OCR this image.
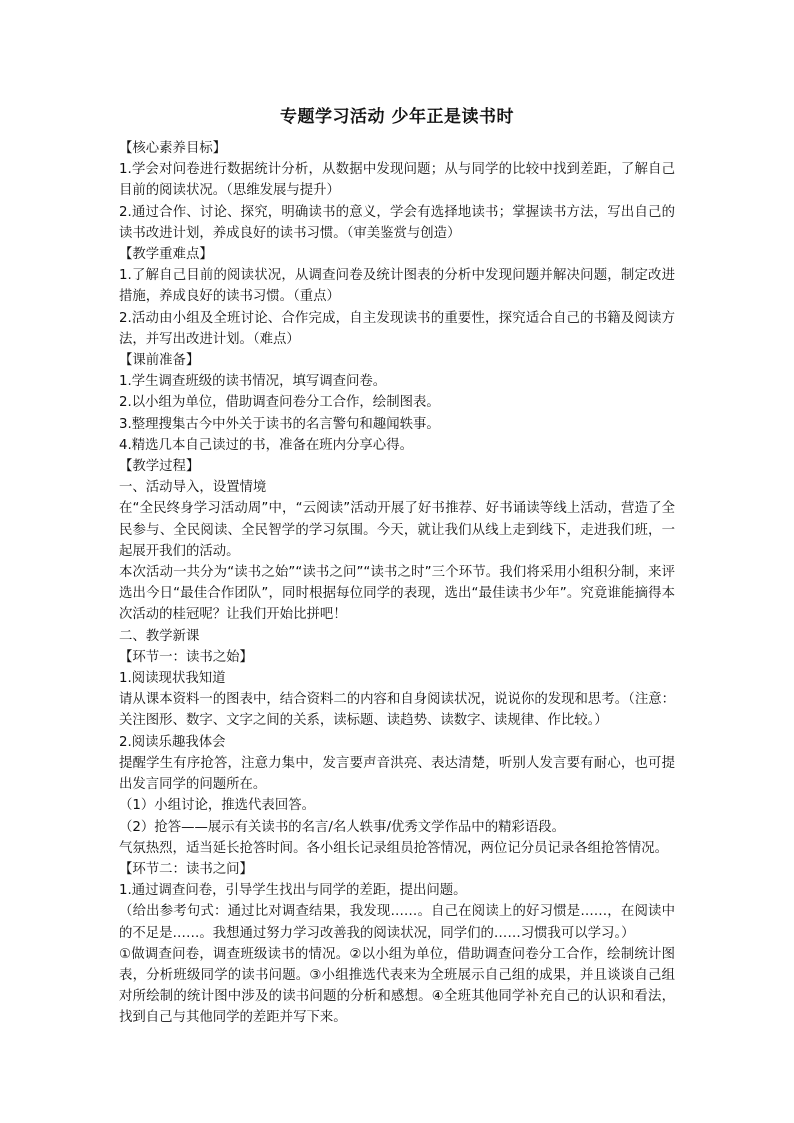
专题学习活动 少年正是读书时

【核心素养目标】

1.学会对问卷进行数据统计分析，从数据中发现问题；从与同学的比较中找到差距，了解自己目前的阅读状况。（思维发展与提升）

2.通过合作、讨论、探究，明确读书的意义，学会有选择地读书；掌握读书方法，写出自己的读书改进计划，养成良好的读书习惯。（审美鉴赏与创造）

【教学重难点】

1.了解自己目前的阅读状况，从调查问卷及统计图表的分析中发现问题并解决问题，制定改进措施，养成良好的读书习惯。（重点）

2.活动由小组及全班讨论、合作完成，自主发现读书的重要性，探究适合自己的书籍及阅读方法，并写出改进计划。（难点）

【课前准备】

1.学生调查班级的读书情况，填写调查问卷。

2.以小组为单位，借助调查问卷分工合作，绘制图表。

3.整理搜集古今中外关于读书的名言警句和趣闻轶事。

4.精选几本自己读过的书，准备在班内分享心得。

【教学过程】

一、活动导入，设置情境

在“全民终身学习活动周”中，“云阅读”活动开展了好书推荐、好书诵读等线上活动，营造了全民参与、全民阅读、全民智学的学习氛围。今天，就让我们从线上走到线下，走进我们班，一起展开我们的活动。

本次活动一共分为“读书之始”“读书之问”“读书之时”三个环节。我们将采用小组积分制，来评选出今日“最佳合作团队”，同时根据每位同学的表现，选出“最佳读书少年”。究竟谁能摘得本次活动的桂冠呢？让我们开始比拼吧！

二、教学新课

【环节一：读书之始】

1.阅读现状我知道

请从课本资料一的图表中，结合资料二的内容和自身阅读状况，说说你的发现和思考。（注意：关注图形、数字、文字之间的关系，读标题、读趋势、读数字、读规律、作比较。）

2.阅读乐趣我体会

提醒学生有序抢答，注意力集中，发言要声音洪亮、表达清楚，听别人发言要有耐心，也可提出发言同学的问题所在。

（1）小组讨论，推选代表回答。

（2）抢答——展示有关读书的名言/名人轶事/优秀文学作品中的精彩语段。

气氛热烈，适当延长抢答时间。各小组长记录组员抢答情况，两位记分员记录各组抢答情况。

【环节二：读书之问】

1.通过调查问卷，引导学生找出与同学的差距，提出问题。

（给出参考句式：通过比对调查结果，我发现……。自己在阅读上的好习惯是……，在阅读中的不足是……。我想通过努力学习改善我的阅读状况，同学们的……习惯我可以学习。）

①做调查问卷，调查班级读书的情况。②以小组为单位，借助调查问卷分工合作，绘制统计图表，分析班级同学的读书问题。③小组推选代表来为全班展示自己组的成果，并且谈谈自己组对所绘制的统计图中涉及的读书问题的分析和感想。④全班其他同学补充自己的认识和看法，找到自己与其他同学的差距并写下来。
